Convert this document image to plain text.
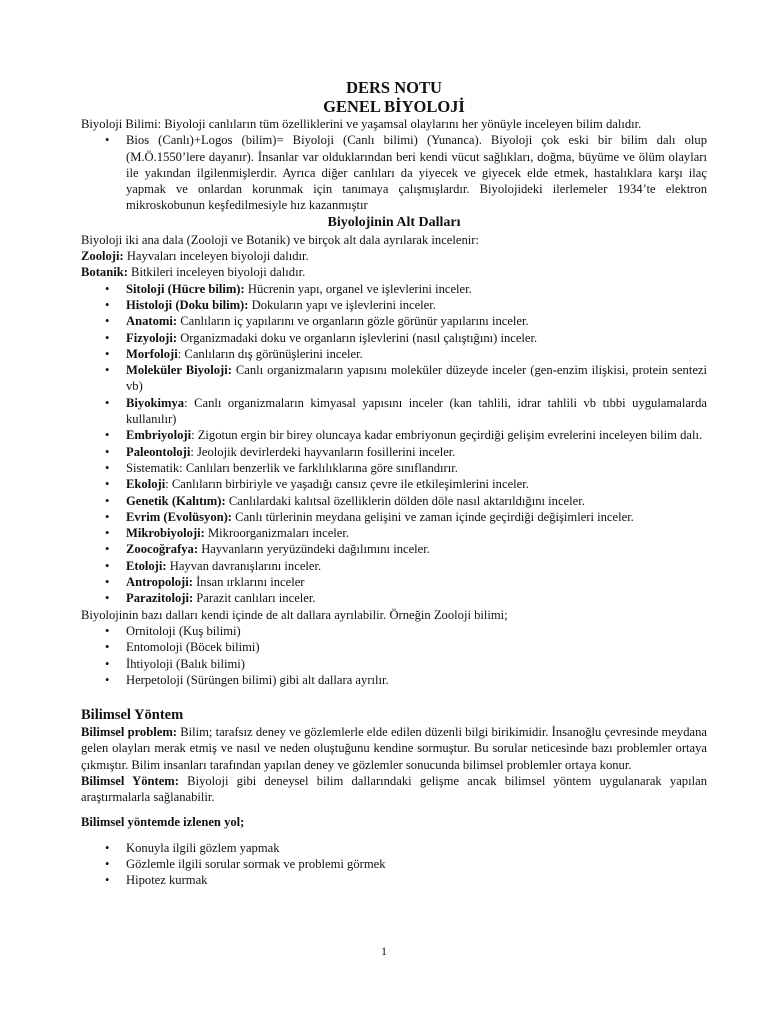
DERS NOTU

GENEL BİYOLOJİ

Biyoloji Bilimi: Biyoloji canlıların tüm özelliklerini ve yaşamsal olaylarını her yönüyle inceleyen bilim dalıdır.

• Bios (Canlı)+Logos (bilim)= Biyoloji (Canlı bilimi) (Yunanca). Biyoloji çok eski bir bilim dalı olup (M.Ö.1550’lere dayanır). İnsanlar var olduklarından beri kendi vücut sağlıkları, doğma, büyüme ve ölüm olayları ile yakından ilgilenmişlerdir. Ayrıca diğer canlıları da yiyecek ve giyecek elde etmek, hastalıklara karşı ilaç yapmak ve onlardan korunmak için tanımaya çalışmışlardır. Biyolojideki ilerlemeler 1934’te elektron mikroskobunun keşfedilmesiyle hız kazanmıştır

Biyolojinin Alt Dalları

Biyoloji iki ana dala (Zooloji ve Botanik) ve birçok alt dala ayrılarak incelenir:

Zooloji: Hayvaları inceleyen biyoloji dalıdır.

Botanik: Bitkileri inceleyen biyoloji dalıdır.

• Sitoloji (Hücre bilim): Hücrenin yapı, organel ve işlevlerini inceler.
• Histoloji (Doku bilim): Dokuların yapı ve işlevlerini inceler.
• Anatomi: Canlıların iç yapılarını ve organların gözle görünür yapılarını inceler.
• Fizyoloji: Organizmadaki doku ve organların işlevlerini (nasıl çalıştığını) inceler.
• Morfoloji: Canlıların dış görünüşlerini inceler.
• Moleküler Biyoloji: Canlı organizmaların yapısını moleküler düzeyde inceler (gen-enzim ilişkisi, protein sentezi vb)
• Biyokimya: Canlı organizmaların kimyasal yapısını inceler (kan tahlili, idrar tahlili vb tıbbi uygulamalarda kullanılır)
• Embriyoloji: Zigotun ergin bir birey oluncaya kadar embriyonun geçirdiği gelişim evrelerini inceleyen bilim dalı.
• Paleontoloji: Jeolojik devirlerdeki hayvanların fosillerini inceler.
• Sistematik: Canlıları benzerlik ve farklılıklarına göre sınıflandırır.
• Ekoloji: Canlıların birbiriyle ve yaşadığı cansız çevre ile etkileşimlerini inceler.
• Genetik (Kalıtım): Canlılardaki kalıtsal özelliklerin dölden döle nasıl aktarıldığını inceler.
• Evrim (Evolüsyon): Canlı türlerinin meydana gelişini ve zaman içinde geçirdiği değişimleri inceler.
• Mikrobiyoloji: Mikroorganizmaları inceler.
• Zoocoğrafya: Hayvanların yeryüzündeki dağılımını inceler.
• Etoloji: Hayvan davranışlarını inceler.
• Antropoloji: İnsan ırklarını inceler
• Parazitoloji: Parazit canlıları inceler.

Biyolojinin bazı dalları kendi içinde de alt dallara ayrılabilir. Örneğin Zooloji bilimi;

• Ornitoloji (Kuş bilimi)
• Entomoloji (Böcek bilimi)
• İhtiyoloji (Balık bilimi)
• Herpetoloji (Sürüngen bilimi) gibi alt dallara ayrılır.

Bilimsel Yöntem

Bilimsel problem: Bilim; tarafsız deney ve gözlemlerle elde edilen düzenli bilgi birikimidir. İnsanoğlu çevresinde meydana gelen olayları merak etmiş ve nasıl ve neden oluştuğunu kendine sormuştur. Bu sorular neticesinde bazı problemler ortaya çıkmıştır. Bilim insanları tarafından yapılan deney ve gözlemler sonucunda bilimsel problemler ortaya konur.

Bilimsel Yöntem: Biyoloji gibi deneysel bilim dallarındaki gelişme ancak bilimsel yöntem uygulanarak yapılan araştırmalarla sağlanabilir.

Bilimsel yöntemde izlenen yol;

• Konuyla ilgili gözlem yapmak
• Gözlemle ilgili sorular sormak ve problemi görmek
• Hipotez kurmak
1
